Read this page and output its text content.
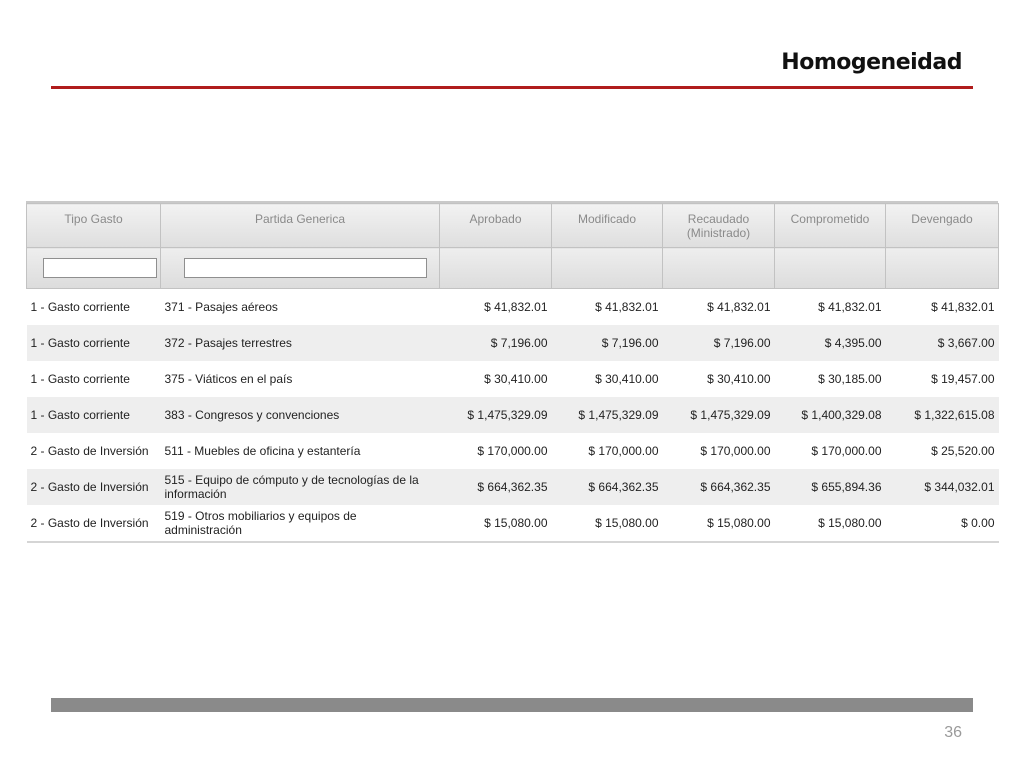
Homogeneidad
Tipo Gasto	Partida Generica	Aprobado	Modificado	Recaudado (Ministrado)	Comprometido	Devengado

1 - Gasto corriente	371 - Pasajes aéreos	$ 41,832.01	$ 41,832.01	$ 41,832.01	$ 41,832.01	$ 41,832.01
1 - Gasto corriente	372 - Pasajes terrestres	$ 7,196.00	$ 7,196.00	$ 7,196.00	$ 4,395.00	$ 3,667.00
1 - Gasto corriente	375 - Viáticos en el país	$ 30,410.00	$ 30,410.00	$ 30,410.00	$ 30,185.00	$ 19,457.00
1 - Gasto corriente	383 - Congresos y convenciones	$ 1,475,329.09	$ 1,475,329.09	$ 1,475,329.09	$ 1,400,329.08	$ 1,322,615.08
2 - Gasto de Inversión	511 - Muebles de oficina y estantería	$ 170,000.00	$ 170,000.00	$ 170,000.00	$ 170,000.00	$ 25,520.00
2 - Gasto de Inversión	515 - Equipo de cómputo y de tecnologías de la información	$ 664,362.35	$ 664,362.35	$ 664,362.35	$ 655,894.36	$ 344,032.01
2 - Gasto de Inversión	519 - Otros mobiliarios y equipos de administración	$ 15,080.00	$ 15,080.00	$ 15,080.00	$ 15,080.00	$ 0.00
36
